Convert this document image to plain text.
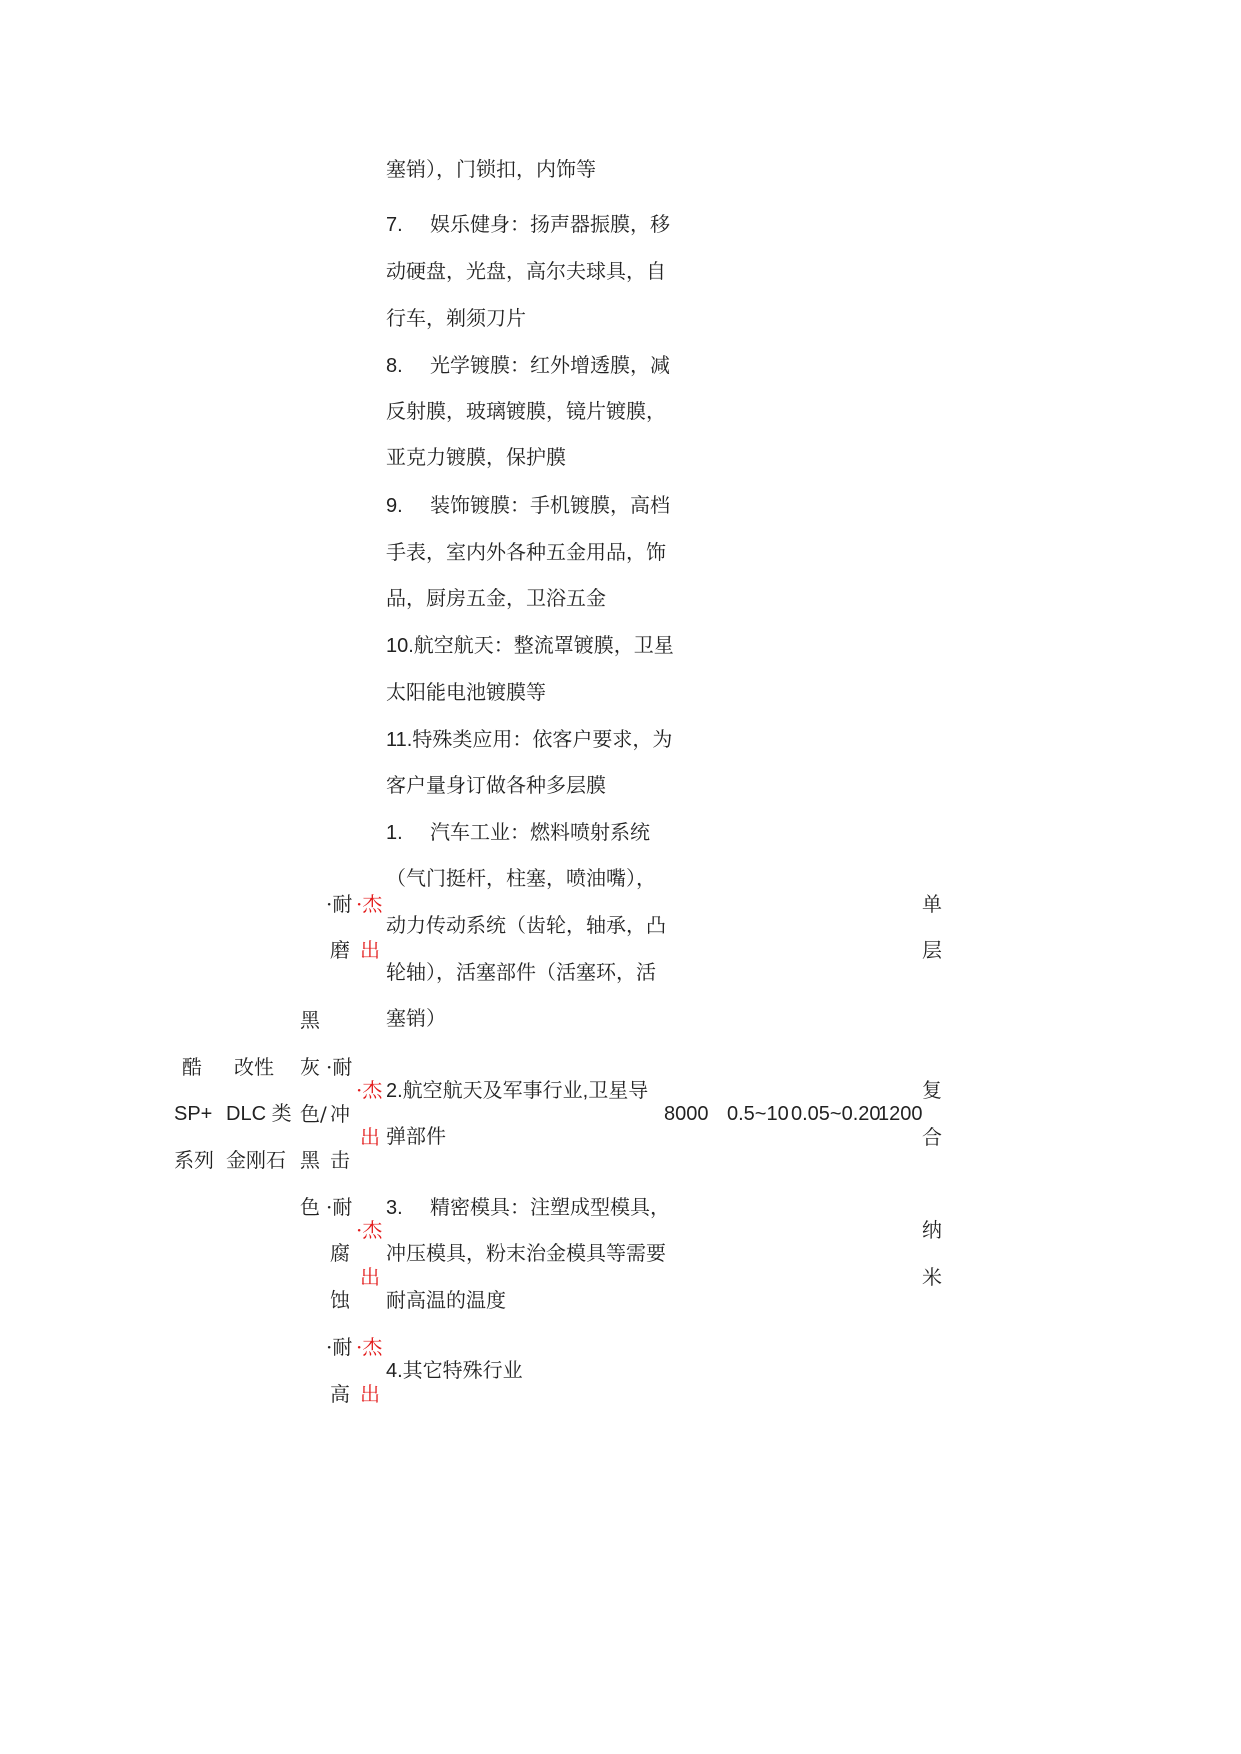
塞销），门锁扣，内饰等
7. 娱乐健身：扬声器振膜，移
动硬盘，光盘，高尔夫球具，自
行车，剃须刀片
8. 光学镀膜：红外增透膜，减
反射膜，玻璃镀膜，镜片镀膜，
亚克力镀膜，保护膜
9. 装饰镀膜：手机镀膜，高档
手表，室内外各种五金用品，饰
品，厨房五金，卫浴五金
10.航空航天：整流罩镀膜，卫星
太阳能电池镀膜等
11.特殊类应用：依客户要求，为
客户量身订做各种多层膜
酷
SP+
系列
改性
DLC 类
金刚石
黑
灰
色/
黑
色
·耐
磨
·耐
冲
击
·耐
腐
蚀
·耐
高
·杰
出
·杰
出
·杰
出
·杰
出
1. 汽车工业：燃料喷射系统
（气门挺杆，柱塞，喷油嘴），
动力传动系统（齿轮，轴承，凸
轮轴），活塞部件（活塞环，活
塞销）
2.航空航天及军事行业,卫星导
弹部件
3. 精密模具：注塑成型模具，
冲压模具，粉末治金模具等需要
耐高温的温度
4.其它特殊行业
8000 0.5~10 0.05~0.20
1200
单
层
复
合
纳
米
